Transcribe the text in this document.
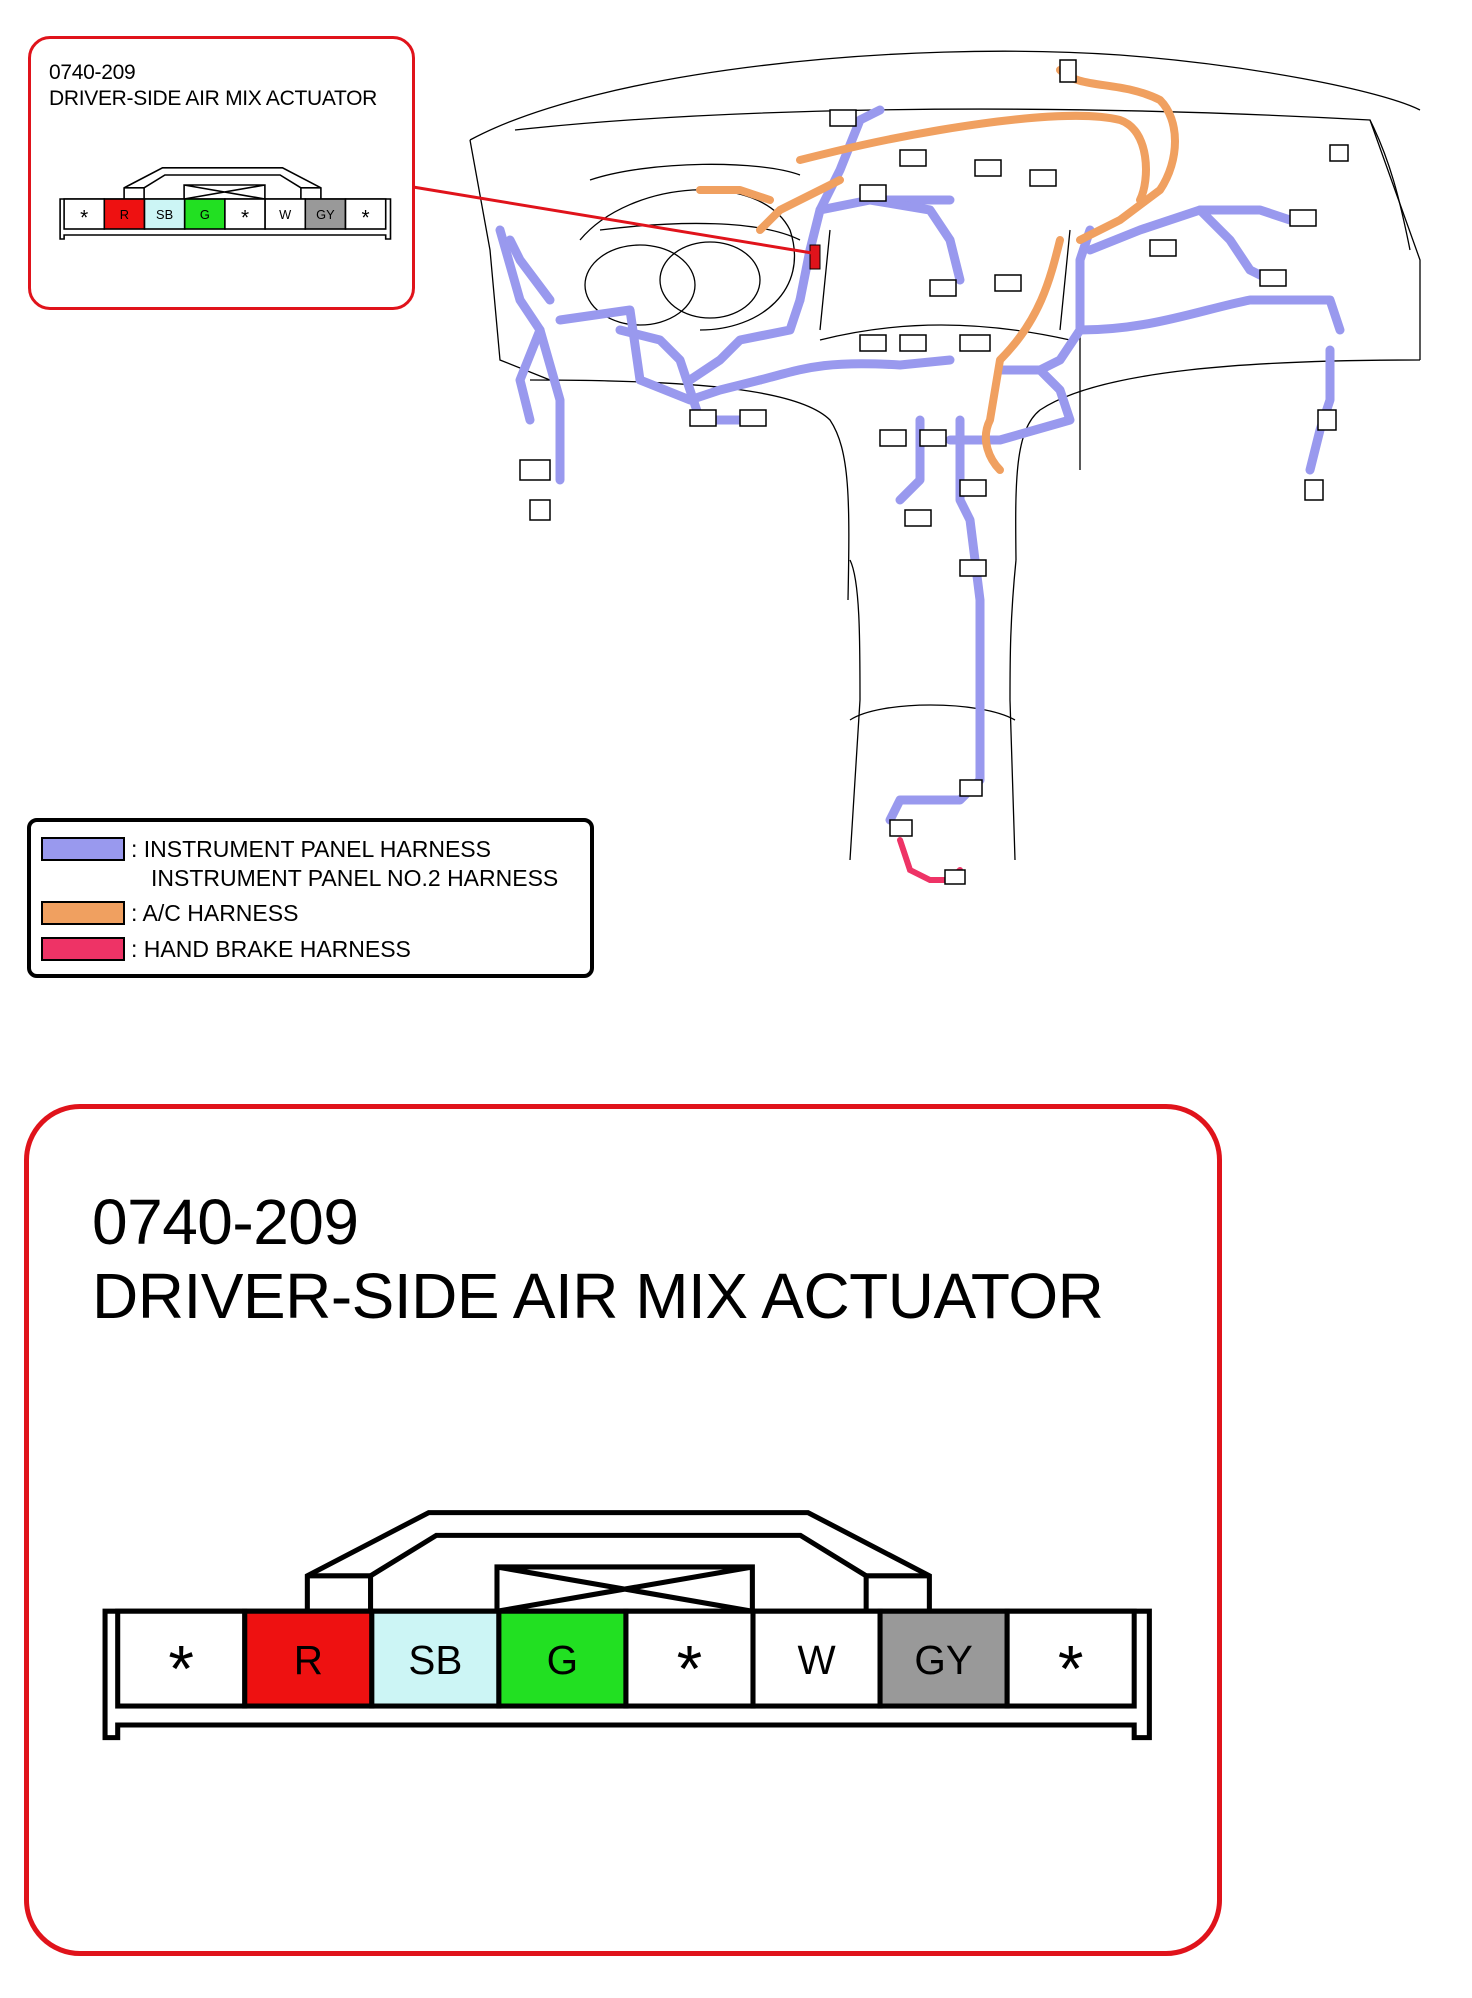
0740-209
DRIVER-SIDE AIR MIX ACTUATOR
* R SB G * W GY *
: INSTRUMENT PANEL HARNESS
INSTRUMENT PANEL NO.2 HARNESS
: A/C HARNESS
: HAND BRAKE HARNESS
0740-209
DRIVER-SIDE AIR MIX ACTUATOR
*	R	SB	G *	W GY *
